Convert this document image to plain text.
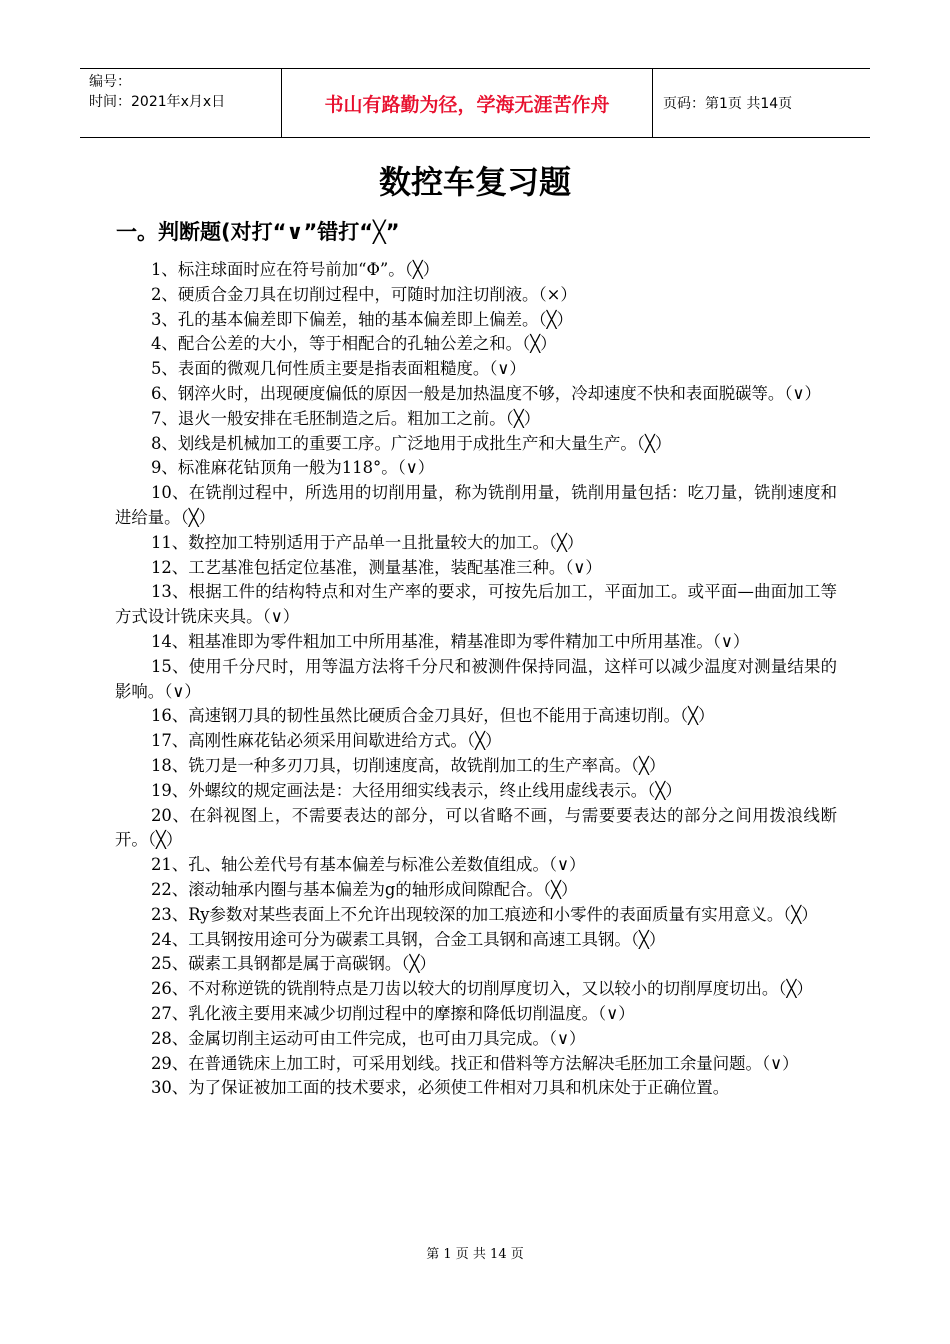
编号：
时间：2021年x月x日	书山有路勤为径，学海无涯苦作舟	页码：第1页 共14页
数控车复习题
一。判断题(对打“∨”错打“╳”

1、标注球面时应在符号前加“Φ”。（╳）

2、硬质合金刀具在切削过程中，可随时加注切削液。（×）

3、孔的基本偏差即下偏差，轴的基本偏差即上偏差。（╳）

4、配合公差的大小，等于相配合的孔轴公差之和。（╳）

5、表面的微观几何性质主要是指表面粗糙度。（∨）

6、钢淬火时，出现硬度偏低的原因一般是加热温度不够，冷却速度不快和表面脱碳等。（∨）

7、退火一般安排在毛胚制造之后。粗加工之前。（╳）

8、划线是机械加工的重要工序。广泛地用于成批生产和大量生产。（╳）

9、标准麻花钻顶角一般为118°。（∨）

10、在铣削过程中，所选用的切削用量，称为铣削用量，铣削用量包括：吃刀量，铣削速度和进给量。（╳）

11、数控加工特别适用于产品单一且批量较大的加工。（╳）

12、工艺基准包括定位基准，测量基准，装配基准三种。（∨）

13、根据工件的结构特点和对生产率的要求，可按先后加工，平面加工。或平面—曲面加工等方式设计铣床夹具。（∨）

14、粗基准即为零件粗加工中所用基准，精基准即为零件精加工中所用基准。（∨）

15、使用千分尺时，用等温方法将千分尺和被测件保持同温，这样可以减少温度对测量结果的影响。（∨）

16、高速钢刀具的韧性虽然比硬质合金刀具好，但也不能用于高速切削。（╳）

17、高刚性麻花钻必须采用间歇进给方式。（╳）

18、铣刀是一种多刃刀具，切削速度高，故铣削加工的生产率高。（╳）

19、外螺纹的规定画法是：大径用细实线表示，终止线用虚线表示。（╳）

20、在斜视图上，不需要表达的部分，可以省略不画，与需要要表达的部分之间用拨浪线断开。（╳）

21、孔、轴公差代号有基本偏差与标准公差数值组成。（∨）

22、滚动轴承内圈与基本偏差为g的轴形成间隙配合。（╳）

23、Ry参数对某些表面上不允许出现较深的加工痕迹和小零件的表面质量有实用意义。（╳）

24、工具钢按用途可分为碳素工具钢，合金工具钢和高速工具钢。（╳）

25、碳素工具钢都是属于高碳钢。（╳）

26、不对称逆铣的铣削特点是刀齿以较大的切削厚度切入，又以较小的切削厚度切出。（╳）

27、乳化液主要用来减少切削过程中的摩擦和降低切削温度。（∨）

28、金属切削主运动可由工件完成，也可由刀具完成。（∨）

29、在普通铣床上加工时，可采用划线。找正和借料等方法解决毛胚加工余量问题。（∨）

30、为了保证被加工面的技术要求，必须使工件相对刀具和机床处于正确位置。

第 1 页 共 14 页
